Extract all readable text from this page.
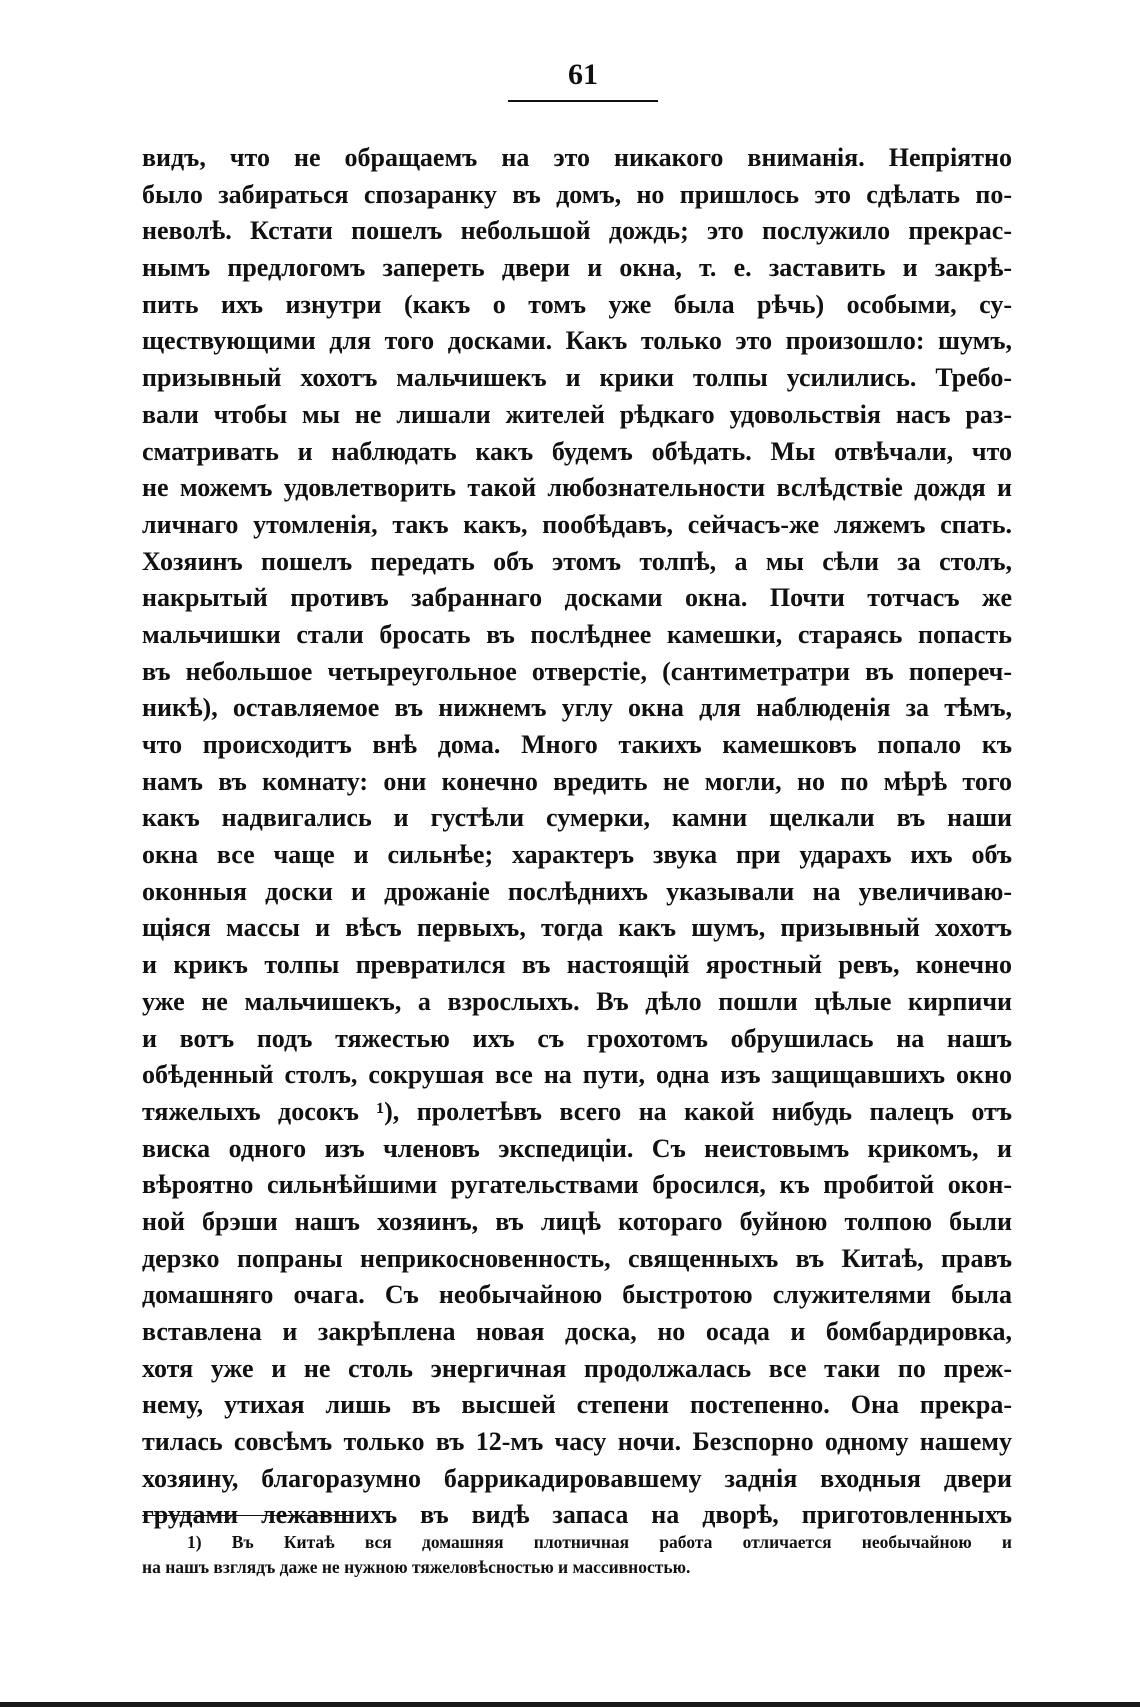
61
видъ, что не обращаемъ на это никакого вниманія. Непріятно
было забираться спозаранку въ домъ, но пришлось это сдѣлать по-
неволѣ. Кстати пошелъ небольшой дождь; это послужило прекрас-
нымъ предлогомъ запереть двери и окна, т. е. заставить и закрѣ-
пить ихъ изнутри (какъ о томъ уже была рѣчь) особыми, су-
ществующими для того досками. Какъ только это произошло: шумъ,
призывный хохотъ мальчишекъ и крики толпы усилились. Требо-
вали чтобы мы не лишали жителей рѣдкаго удовольствія насъ раз-
сматривать и наблюдать какъ будемъ обѣдать. Мы отвѣчали, что
не можемъ удовлетворить такой любознательности вслѣдствіе дождя и
личнаго утомленія, такъ какъ, пообѣдавъ, сейчасъ-же ляжемъ спать.
Хозяинъ пошелъ передать объ этомъ толпѣ, а мы сѣли за столъ,
накрытый противъ забраннаго досками окна. Почти тотчасъ же
мальчишки стали бросать въ послѣднее камешки, стараясь попасть
въ небольшое четыреугольное отверстіе, (сантиметратри въ попереч-
никѣ), оставляемое въ нижнемъ углу окна для наблюденія за тѣмъ,
что происходитъ внѣ дома. Много такихъ камешковъ попало къ
намъ въ комнату: они конечно вредить не могли, но по мѣрѣ того
какъ надвигались и густѣли сумерки, камни щелкали въ наши
окна все чаще и сильнѣе; характеръ звука при ударахъ ихъ объ
оконныя доски и дрожаніе послѣднихъ указывали на увеличиваю-
щіяся массы и вѣсъ первыхъ, тогда какъ шумъ, призывный хохотъ
и крикъ толпы превратился въ настоящій яростный ревъ, конечно
уже не мальчишекъ, а взрослыхъ. Въ дѣло пошли цѣлые кирпичи
и вотъ подъ тяжестью ихъ съ грохотомъ обрушилась на нашъ
обѣденный столъ, сокрушая все на пути, одна изъ защищавшихъ окно
тяжелыхъ досокъ ¹), пролетѣвъ всего на какой нибудь палецъ отъ
виска одного изъ членовъ экспедиціи. Съ неистовымъ крикомъ, и
вѣроятно сильнѣйшими ругательствами бросился, къ пробитой окон-
ной брэши нашъ хозяинъ, въ лицѣ котораго буйною толпою были
дерзко попраны неприкосновенность, священныхъ въ Китаѣ, правъ
домашняго очага. Съ необычайною быстротою служителями была
вставлена и закрѣплена новая доска, но осада и бомбардировка,
хотя уже и не столь энергичная продолжалась все таки по преж-
нему, утихая лишь въ высшей степени постепенно. Она прекра-
тилась совсѣмъ только въ 12-мъ часу ночи. Безспорно одному нашему
хозяину, благоразумно баррикадировавшему заднія входныя двери
грудами лежавшихъ въ видѣ запаса на дворѣ, приготовленныхъ
1) Въ Китаѣ вся домашняя плотничная работа отличается необычайною и
на нашъ взглядъ даже не нужною тяжеловѣсностью и массивностью.
